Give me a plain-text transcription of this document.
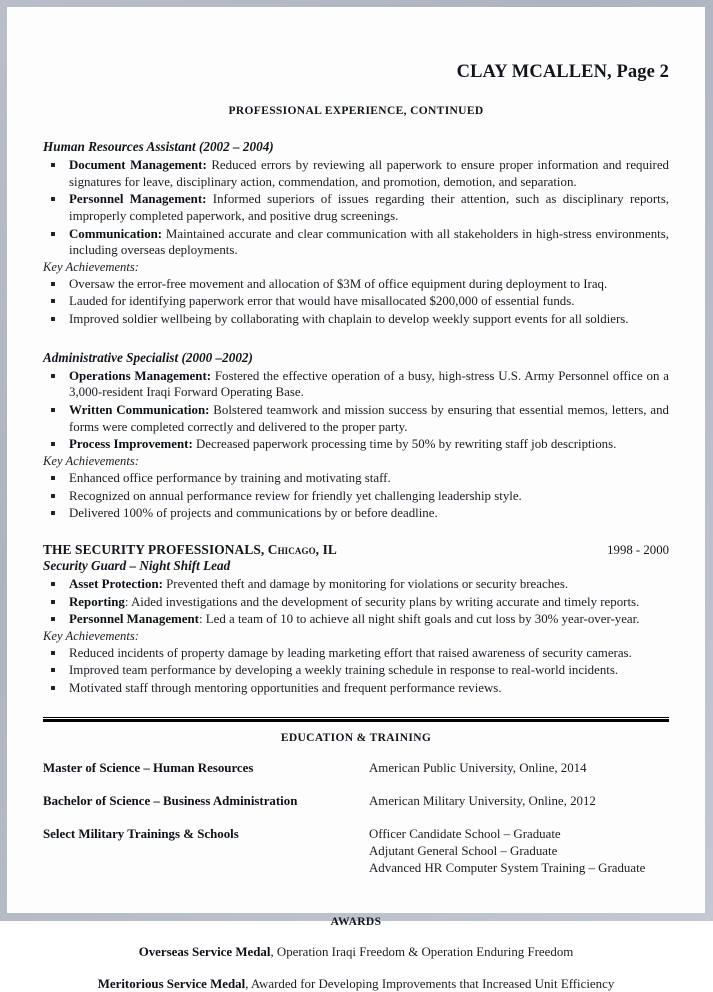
CLAY MCALLEN, Page 2
PROFESSIONAL EXPERIENCE, CONTINUED
Human Resources Assistant (2002 – 2004)
Document Management: Reduced errors by reviewing all paperwork to ensure proper information and required signatures for leave, disciplinary action, commendation, and promotion, demotion, and separation.
Personnel Management: Informed superiors of issues regarding their attention, such as disciplinary reports, improperly completed paperwork, and positive drug screenings.
Communication: Maintained accurate and clear communication with all stakeholders in high-stress environments, including overseas deployments.
Key Achievements:
Oversaw the error-free movement and allocation of $3M of office equipment during deployment to Iraq.
Lauded for identifying paperwork error that would have misallocated $200,000 of essential funds.
Improved soldier wellbeing by collaborating with chaplain to develop weekly support events for all soldiers.
Administrative Specialist (2000 –2002)
Operations Management: Fostered the effective operation of a busy, high-stress U.S. Army Personnel office on a 3,000-resident Iraqi Forward Operating Base.
Written Communication: Bolstered teamwork and mission success by ensuring that essential memos, letters, and forms were completed correctly and delivered to the proper party.
Process Improvement: Decreased paperwork processing time by 50% by rewriting staff job descriptions.
Key Achievements:
Enhanced office performance by training and motivating staff.
Recognized on annual performance review for friendly yet challenging leadership style.
Delivered 100% of projects and communications by or before deadline.
THE SECURITY PROFESSIONALS, Chicago, IL	1998 - 2000
Security Guard – Night Shift Lead
Asset Protection: Prevented theft and damage by monitoring for violations or security breaches.
Reporting: Aided investigations and the development of security plans by writing accurate and timely reports.
Personnel Management: Led a team of 10 to achieve all night shift goals and cut loss by 30% year-over-year.
Key Achievements:
Reduced incidents of property damage by leading marketing effort that raised awareness of security cameras.
Improved team performance by developing a weekly training schedule in response to real-world incidents.
Motivated staff through mentoring opportunities and frequent performance reviews.
EDUCATION & TRAINING
Master of Science – Human Resources	American Public University, Online, 2014
Bachelor of Science – Business Administration	American Military University, Online, 2012
Select Military Trainings & Schools	Officer Candidate School – Graduate
Adjutant General School – Graduate
Advanced HR Computer System Training – Graduate
AWARDS
Overseas Service Medal, Operation Iraqi Freedom & Operation Enduring Freedom
Meritorious Service Medal, Awarded for Developing Improvements that Increased Unit Efficiency
